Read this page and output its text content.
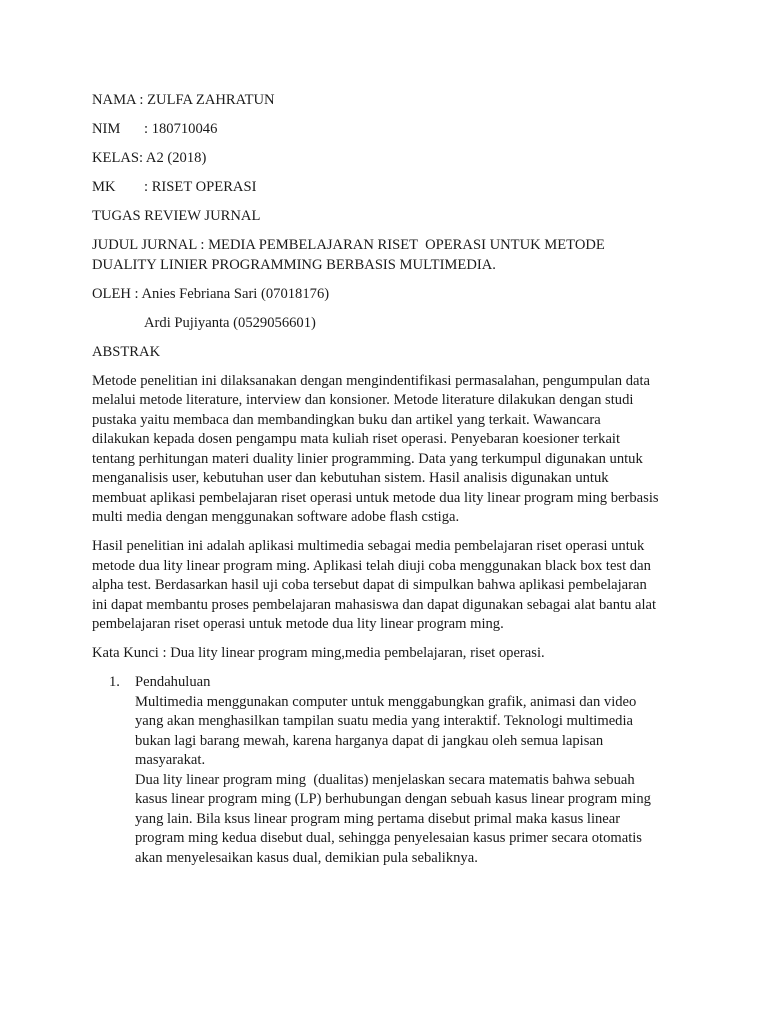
NAMA : ZULFA ZAHRATUN

NIM : 180710046

KELAS: A2 (2018)

MK : RISET OPERASI

TUGAS REVIEW JURNAL

JUDUL JURNAL : MEDIA PEMBELAJARAN RISET  OPERASI UNTUK METODE

DUALITY LINIER PROGRAMMING BERBASIS MULTIMEDIA.

OLEH : Anies Febriana Sari (07018176)

Ardi Pujiyanta (0529056601)

ABSTRAK

Metode penelitian ini dilaksanakan dengan mengindentifikasi permasalahan, pengumpulan data
melalui metode literature, interview dan konsioner. Metode literature dilakukan dengan studi
pustaka yaitu membaca dan membandingkan buku dan artikel yang terkait. Wawancara
dilakukan kepada dosen pengampu mata kuliah riset operasi. Penyebaran koesioner terkait
tentang perhitungan materi duality linier programming. Data yang terkumpul digunakan untuk
menganalisis user, kebutuhan user dan kebutuhan sistem. Hasil analisis digunakan untuk
membuat aplikasi pembelajaran riset operasi untuk metode dua lity linear program ming berbasis
multi media dengan menggunakan software adobe flash cstiga.
Hasil penelitian ini adalah aplikasi multimedia sebagai media pembelajaran riset operasi untuk
metode dua lity linear program ming. Aplikasi telah diuji coba menggunakan black box test dan
alpha test. Berdasarkan hasil uji coba tersebut dapat di simpulkan bahwa aplikasi pembelajaran
ini dapat membantu proses pembelajaran mahasiswa dan dapat digunakan sebagai alat bantu alat
pembelajaran riset operasi untuk metode dua lity linear program ming.

Kata Kunci : Dua lity linear program ming,media pembelajaran, riset operasi.

1. Pendahuluan
Multimedia menggunakan computer untuk menggabungkan grafik, animasi dan video
yang akan menghasilkan tampilan suatu media yang interaktif. Teknologi multimedia
bukan lagi barang mewah, karena harganya dapat di jangkau oleh semua lapisan
masyarakat.
Dua lity linear program ming  (dualitas) menjelaskan secara matematis bahwa sebuah
kasus linear program ming (LP) berhubungan dengan sebuah kasus linear program ming
yang lain. Bila ksus linear program ming pertama disebut primal maka kasus linear
program ming kedua disebut dual, sehingga penyelesaian kasus primer secara otomatis
akan menyelesaikan kasus dual, demikian pula sebaliknya.
